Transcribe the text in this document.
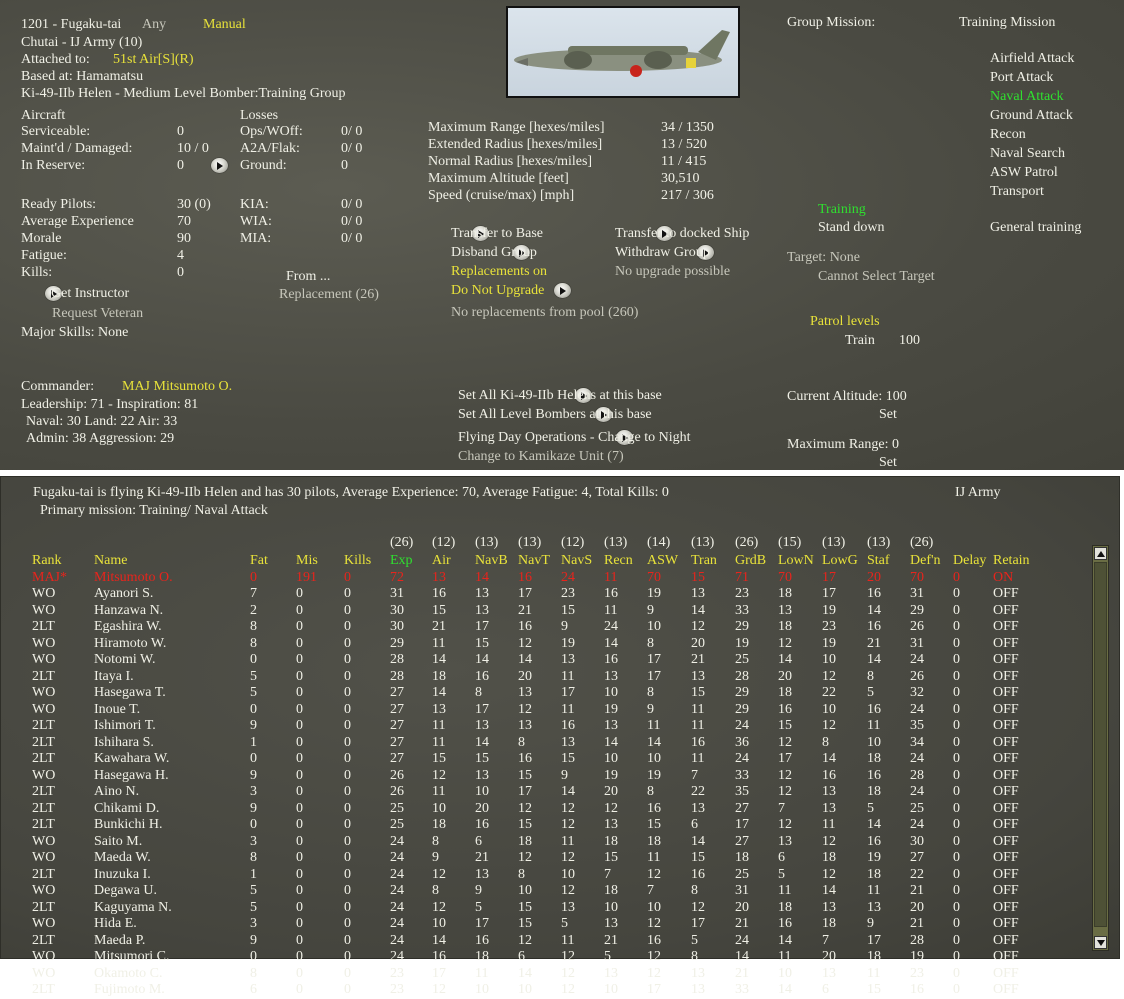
1201 - Fugaku-tai Any	Manual
Chutai - IJ Army (10)
Attached to: 51st Air[S](R)
Based at: Hamamatsu
Ki-49-IIb Helen - Medium Level Bomber:Training Group
Aircraft	Losses
Serviceable:	0	Ops/WOff:	0/ 0
Maint'd / Damaged:	10 / 0 A2A/Flak:	0/ 0
In Reserve:	0
	Ground:	0
Ready Pilots:	30 (0) KIA:	0/ 0
Average Experience	70	WIA:	0/ 0
Morale	90	MIA:	0/ 0
Fatigue:	4
Kills:	0	From ...

Get Instructor	Replacement (26)
Request Veteran
Major Skills: None
Commander: MAJ Mitsumoto O.
Leadership: 71 - Inspiration: 81
Naval: 30 Land: 22 Air: 33
Admin: 38 Aggression: 29
Maximum Range [hexes/miles]	34 / 1350
Extended Radius [hexes/miles]	13 / 520
Normal Radius [hexes/miles]	11 / 415
Maximum Altitude [feet]	30,510
Speed (cruise/max) [mph]	217 / 306

Transfer to Base
	Transfer to docked Ship

Disband Group
	Withdraw Group
Replacements on	No upgrade possible

Do Not Upgrade
No replacements from pool (260)

Set All Ki-49-IIb Helens at this base

Set All Level Bombers at this base

Flying Day Operations - Change to Night
Change to Kamikaze Unit (7)
Group Mission:	Training Mission

Airfield Attack

Port Attack

Naval Attack

Ground Attack

Recon

Naval Search

ASW Patrol

Transport

Training

Stand down
	General training
Target: None
Cannot Select Target
Patrol levels

Train 100

Current Altitude: 100

Set

Maximum Range: 0

Set

Fugaku-tai is flying Ki-49-IIb Helen and has 30 pilots, Average Experience: 70, Average Fatigue: 4, Total Kills: 0
Primary mission: Training/ Naval Attack
IJ Army
					(26)	(12)	(13)	(13)	(12)	(13)	(14)	(13)	(26)	(15)	(13)	(13)	(26)		
Rank	Name	Fat	Mis	Kills	Exp	Air	NavB	NavT	NavS	Recn	ASW	Tran	GrdB	LowN	LowG	Staf	Def'n	Delay	Retain
MAJ*	Mitsumoto O.	0	191	0	72	13	14	16	24	11	70	15	71	70	17	20	70	0	ON
WO	Ayanori S.	7	0	0	31	16	13	17	23	16	19	13	23	18	17	16	31	0	OFF
WO	Hanzawa N.	2	0	0	30	15	13	21	15	11	9	14	33	13	19	14	29	0	OFF
2LT	Egashira W.	8	0	0	30	21	17	16	9	24	10	12	29	18	23	16	26	0	OFF
WO	Hiramoto W.	8	0	0	29	11	15	12	19	14	8	20	19	12	19	21	31	0	OFF
WO	Notomi W.	0	0	0	28	14	14	14	13	16	17	21	25	14	10	14	24	0	OFF
2LT	Itaya I.	5	0	0	28	18	16	20	11	13	17	13	28	20	12	8	26	0	OFF
WO	Hasegawa T.	5	0	0	27	14	8	13	17	10	8	15	29	18	22	5	32	0	OFF
WO	Inoue T.	0	0	0	27	13	17	12	11	19	9	11	29	16	10	16	24	0	OFF
2LT	Ishimori T.	9	0	0	27	11	13	13	16	13	11	11	24	15	12	11	35	0	OFF
2LT	Ishihara S.	1	0	0	27	11	14	8	13	14	14	16	36	12	8	10	34	0	OFF
2LT	Kawahara W.	0	0	0	27	15	15	16	15	10	10	11	24	17	14	18	24	0	OFF
WO	Hasegawa H.	9	0	0	26	12	13	15	9	19	19	7	33	12	16	16	28	0	OFF
2LT	Aino N.	3	0	0	26	11	10	17	14	20	8	22	35	12	13	18	24	0	OFF
2LT	Chikami D.	9	0	0	25	10	20	12	12	12	16	13	27	7	13	5	25	0	OFF
2LT	Bunkichi H.	0	0	0	25	18	16	15	12	13	15	6	17	12	11	14	24	0	OFF
WO	Saito M.	3	0	0	24	8	6	18	11	18	18	14	27	13	12	16	30	0	OFF
WO	Maeda W.	8	0	0	24	9	21	12	12	15	11	15	18	6	18	19	27	0	OFF
2LT	Inuzuka I.	1	0	0	24	12	13	8	10	7	12	16	25	5	12	18	22	0	OFF
WO	Degawa U.	5	0	0	24	8	9	10	12	18	7	8	31	11	14	11	21	0	OFF
2LT	Kaguyama N.	5	0	0	24	12	5	15	13	10	10	12	20	18	13	13	20	0	OFF
WO	Hida E.	3	0	0	24	10	17	15	5	13	12	17	21	16	18	9	21	0	OFF
2LT	Maeda P.	9	0	0	24	14	16	12	11	21	16	5	24	14	7	17	28	0	OFF
WO	Mitsumori C.	0	0	0	24	16	18	6	12	5	12	8	14	11	20	18	19	0	OFF
WO	Okamoto C.	8	0	0	23	17	11	14	12	13	12	13	21	10	13	11	23	0	OFF
2LT	Fujimoto M.	6	0	0	23	12	10	10	12	10	17	13	33	14	6	15	16	0	OFF
